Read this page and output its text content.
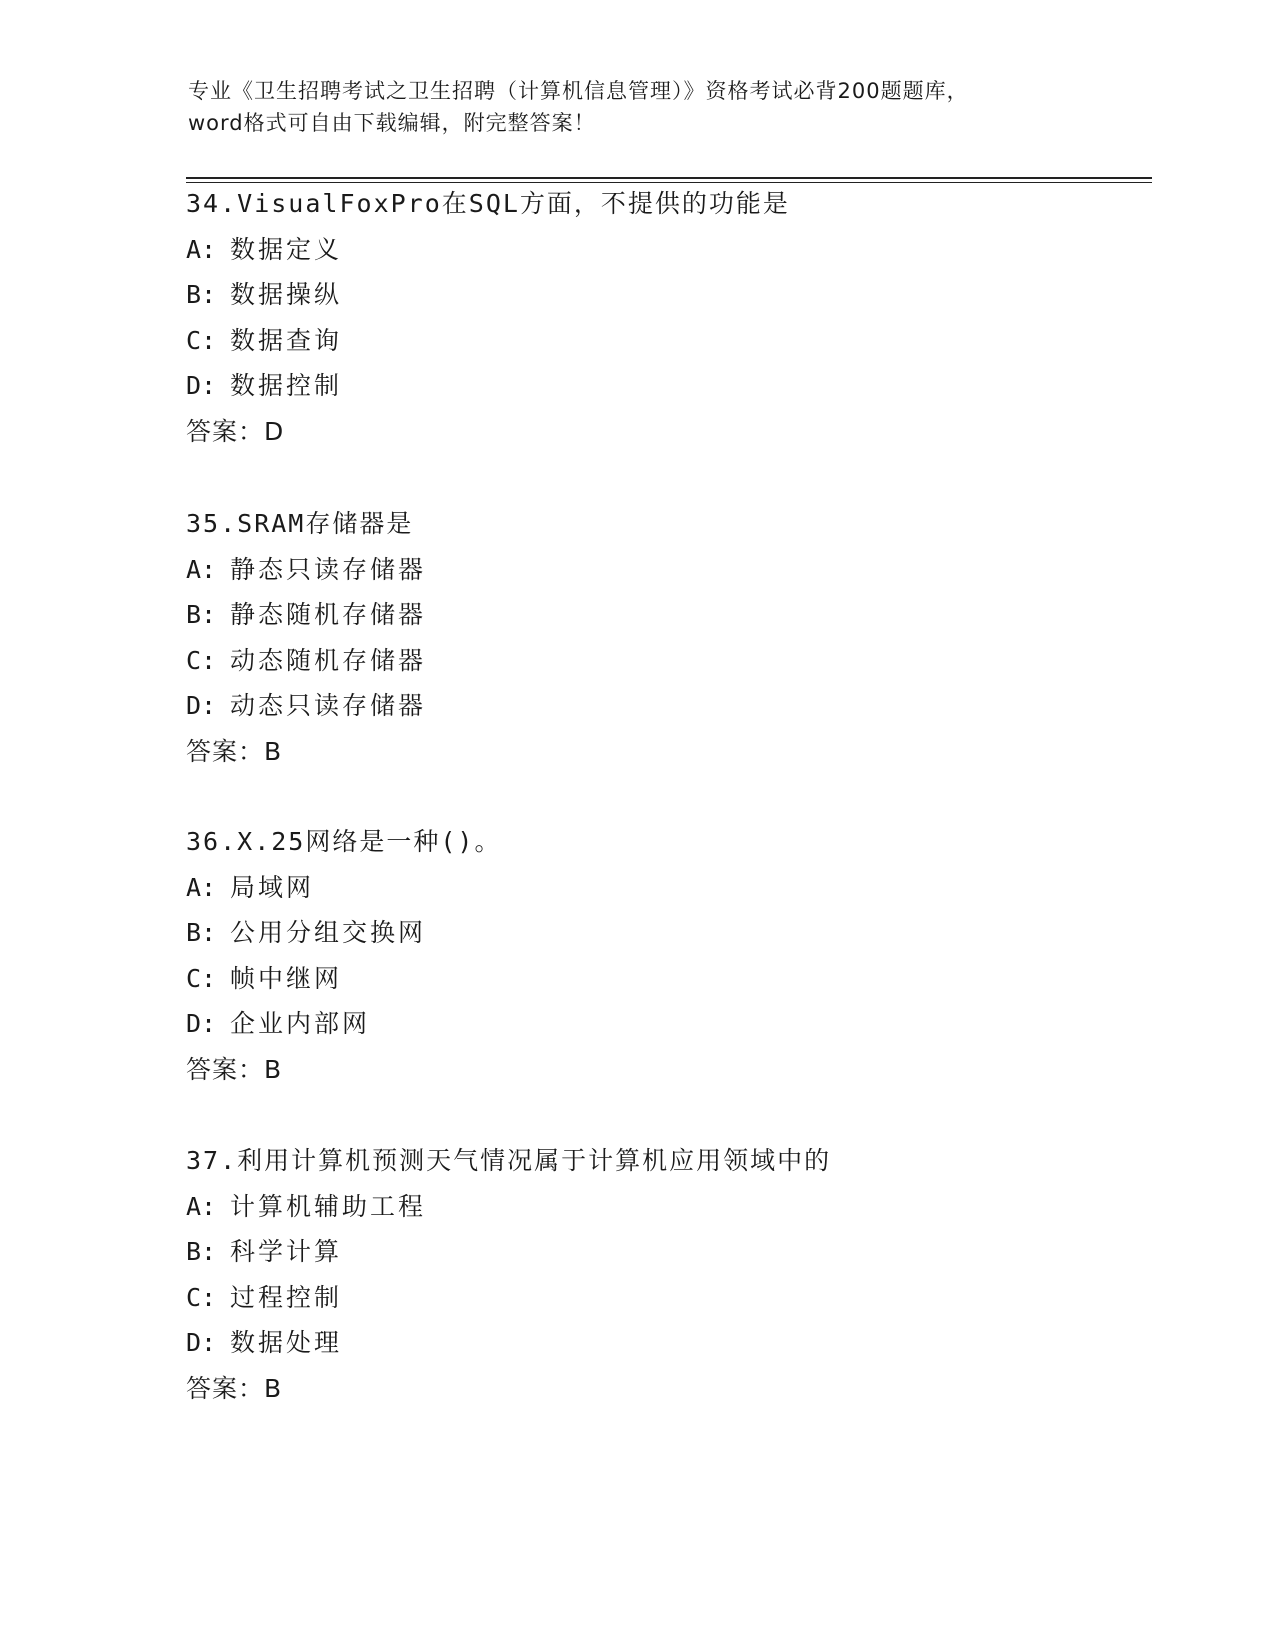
专业《卫生招聘考试之卫生招聘（计算机信息管理）》资格考试必背200题题库，
word格式可自由下载编辑，附完整答案！
34.VisualFoxPro在SQL方面，不提供的功能是
A: 数据定义
B: 数据操纵
C: 数据查询
D: 数据控制
答案：D
35.SRAM存储器是
A: 静态只读存储器
B: 静态随机存储器
C: 动态随机存储器
D: 动态只读存储器
答案：B
36.X.25网络是一种()。
A: 局域网
B: 公用分组交换网
C: 帧中继网
D: 企业内部网
答案：B
37.利用计算机预测天气情况属于计算机应用领域中的
A: 计算机辅助工程
B: 科学计算
C: 过程控制
D: 数据处理
答案：B
